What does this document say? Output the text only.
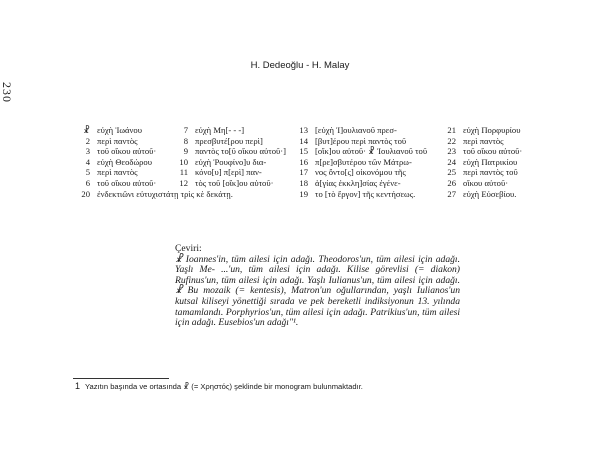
230
H. Dedeoğlu - H. Malay
☧ εὐχὴ Ἰωάνου
2 περὶ παντὸς
3 τοῦ οἴκου αὐτοῦ·
4 εὐχὴ Θεοδώρου
5 περὶ παντὸς
6 τοῦ οἴκου αὐτοῦ·
20 ἐνδεκτιῶνι εὐτυχιστάτῃ τρὶς κὲ δεκάτῃ.
7 εὐχὴ Μη[- - -]
8 πρεσβυτέ[ρου περὶ]
9 παντὸς το[ῦ οἴκου αὐτοῦ·]
10 εὐχὴ Ῥουφίνο]υ δια-
11 κόνο[υ] π[ερὶ] παν-
12 τὸς τοῦ [οἴκ]ου αὐτοῦ·
13 [εὐχὴ Ἰ]ουλιανοῦ πρεσ-
14 [βυτ]έρου περὶ παντὸς τοῦ
15 [οἴκ]ου αὐτοῦ· ☧ Ἰουλιανοῦ τοῦ
16 π[ρε]σβυτέρου τῶν Μάτρω-
17 νος ὄντο[ς] οἰκονόμου τῆς
18 ἁ[γίας ἐκκλη]σίας ἐγένε-
19 το [τὸ ἔργον] τῆς κεντήσεως.
21 εὐχὴ Πορφυρίου
22 περὶ παντὸς
23 τοῦ οἴκου αὐτοῦ·
24 εὐχὴ Πατρικίου
25 περὶ παντὸς τοῦ
26 οἴκου αὐτοῦ·
27 εὐχὴ Εὐσεβίου.
Çeviri:
☧ Ioannes'in, tüm ailesi için adağı. Theodoros'un, tüm ailesi için adağı. Yaşlı Me- ...'un, tüm ailesi için adağı. Kilise görevlisi (= diakon) Rufinus'un, tüm ailesi için adağı. Yaşlı Iulianus'un, tüm ailesi için adağı. ☧ Bu mozaik (= kentesis), Matron'un oğullarından, yaşlı Iulianos'un kutsal kiliseyi yönettiği sırada ve pek bereketli indiksiyonun 13. yılında tamamlandı. Porphyrios'un, tüm ailesi için adağı. Patrikius'un, tüm ailesi için adağı. Eusebios'un adağı"¹.
1 Yazıtın başında ve ortasında ☧ (= Χρηστός) şeklinde bir monogram bulunmaktadır.
